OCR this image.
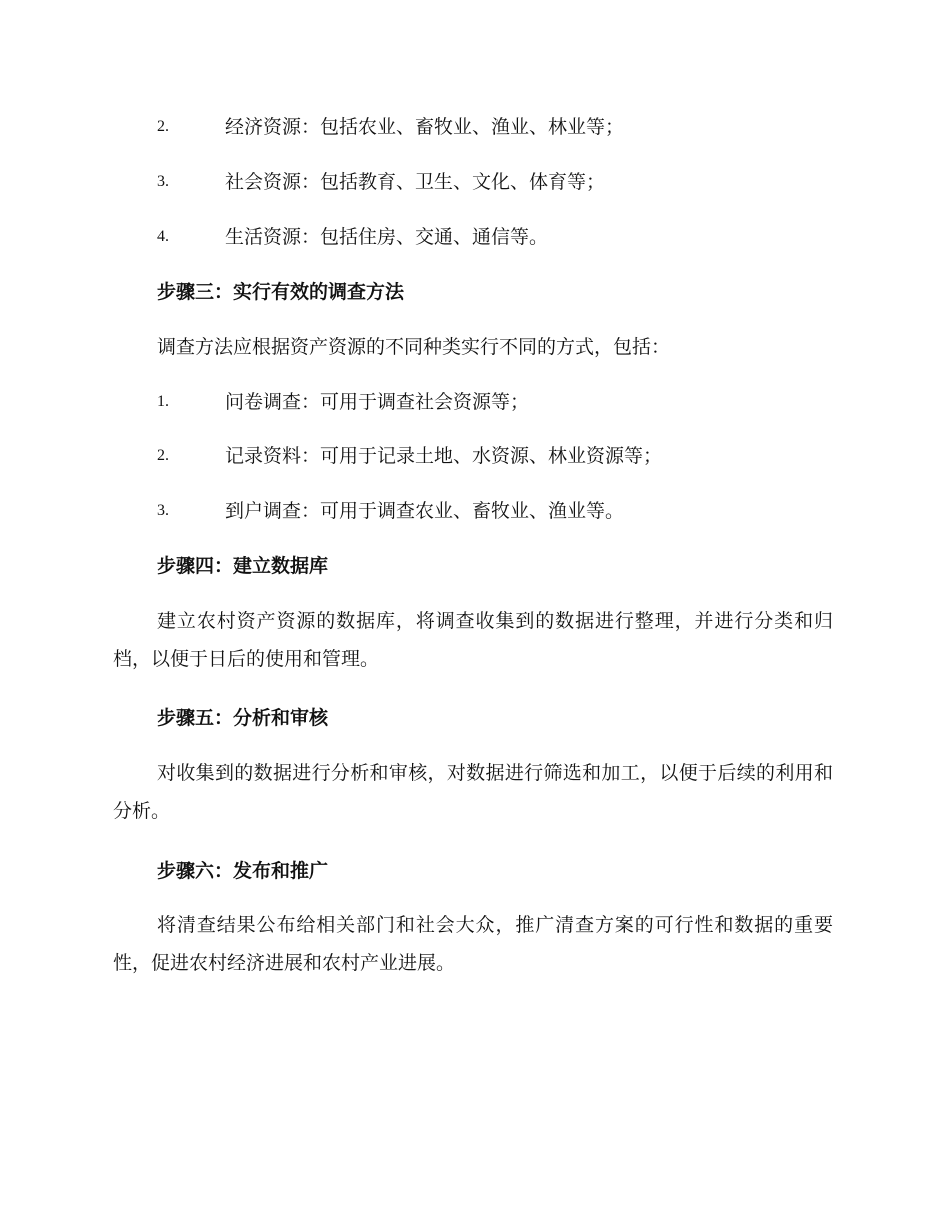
2.	经济资源：包括农业、畜牧业、渔业、林业等；
3.	社会资源：包括教育、卫生、文化、体育等；
4.	生活资源：包括住房、交通、通信等。
步骤三：实行有效的调查方法
调查方法应根据资产资源的不同种类实行不同的方式，包括：
1.	问卷调查：可用于调查社会资源等；
2.	记录资料：可用于记录土地、水资源、林业资源等；
3.	到户调查：可用于调查农业、畜牧业、渔业等。
步骤四：建立数据库

建立农村资产资源的数据库，将调查收集到的数据进行整理，并进行分类和归档，以便于日后的使用和管理。

步骤五：分析和审核

对收集到的数据进行分析和审核，对数据进行筛选和加工，以便于后续的利用和分析。

步骤六：发布和推广

将清查结果公布给相关部门和社会大众，推广清查方案的可行性和数据的重要性，促进农村经济进展和农村产业进展。
